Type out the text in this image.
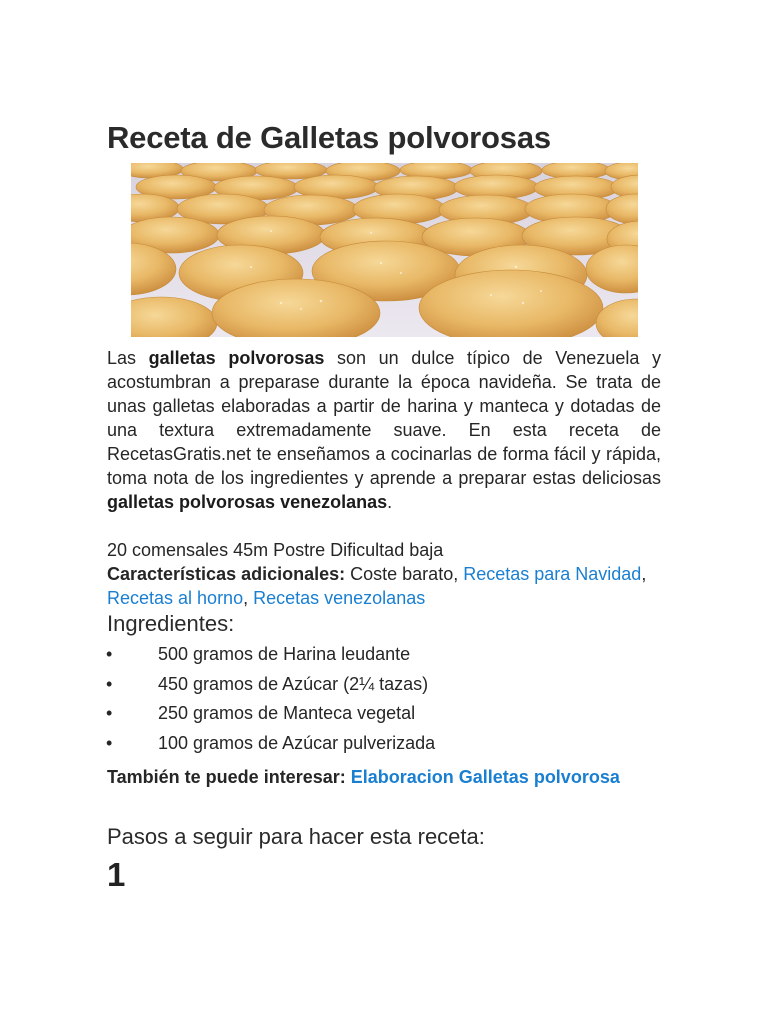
Receta de Galletas polvorosas

Las galletas polvorosas son un dulce típico de Venezuela y acostumbran a preparase durante la época navideña. Se trata de unas galletas elaboradas a partir de harina y manteca y dotadas de una textura extremadamente suave. En esta receta de RecetasGratis.net te enseñamos a cocinarlas de forma fácil y rápida, toma nota de los ingredientes y aprende a preparar estas deliciosas galletas polvorosas venezolanas.

20 comensales 45m Postre Dificultad baja

Características adicionales: Coste barato, Recetas para Navidad, Recetas al horno, Recetas venezolanas

Ingredientes:
•	500 gramos de Harina leudante
•	450 gramos de Azúcar (2¼ tazas)
•	250 gramos de Manteca vegetal
•	100 gramos de Azúcar pulverizada

También te puede interesar: Elaboracion Galletas polvorosa

Pasos a seguir para hacer esta receta:
1
